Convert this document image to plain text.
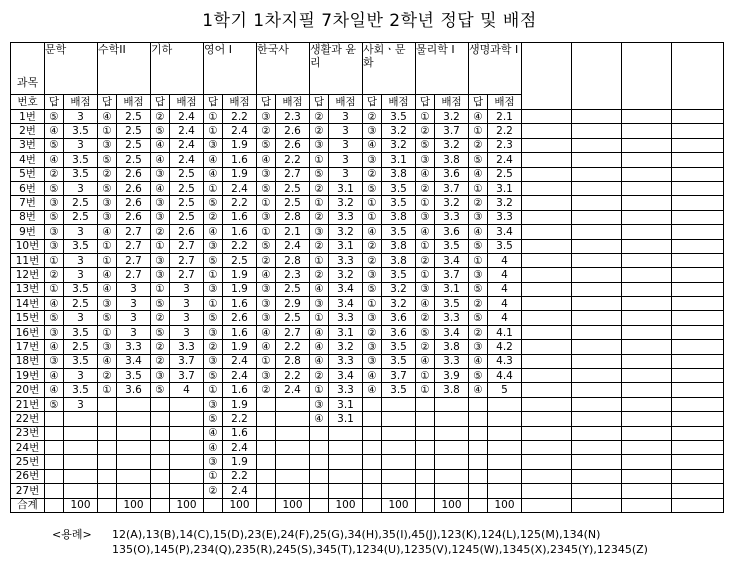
1학기 1차지필 7차일반 2학년 정답 및 배점
과목	문학		수학II		기하		영어 I		한국사		생활과 윤리		사회ㆍ문화		물리학 I		생명과학 I					
번호	답	배점	답	배점	답	배점	답	배점	답	배점	답	배점	답	배점	답	배점	답	배점				
1번	⑤	3	④	2.5	②	2.4	①	2.2	③	2.3	②	3	②	3.5	①	3.2	④	2.1				
2번	④	3.5	①	2.5	⑤	2.4	①	2.4	②	2.6	②	3	③	3.2	②	3.7	①	2.2				
3번	⑤	3	③	2.5	④	2.4	③	1.9	⑤	2.6	③	3	④	3.2	⑤	3.2	②	2.3				
4번	④	3.5	⑤	2.5	④	2.4	④	1.6	④	2.2	①	3	③	3.1	③	3.8	⑤	2.4				
5번	②	3.5	②	2.6	③	2.5	④	1.9	③	2.7	⑤	3	②	3.8	④	3.6	④	2.5				
6번	⑤	3	⑤	2.6	④	2.5	①	2.4	⑤	2.5	②	3.1	⑤	3.5	②	3.7	①	3.1				
7번	③	2.5	③	2.6	③	2.5	⑤	2.2	①	2.5	①	3.2	①	3.5	①	3.2	②	3.2				
8번	⑤	2.5	③	2.6	③	2.5	②	1.6	③	2.8	②	3.3	①	3.8	③	3.3	③	3.3				
9번	③	3	④	2.7	②	2.6	④	1.6	①	2.1	③	3.2	④	3.5	④	3.6	④	3.4				
10번	③	3.5	①	2.7	①	2.7	③	2.2	⑤	2.4	②	3.1	②	3.8	①	3.5	⑤	3.5				
11번	①	3	①	2.7	③	2.7	⑤	2.5	②	2.8	①	3.3	②	3.8	②	3.4	①	4				
12번	②	3	④	2.7	③	2.7	①	1.9	④	2.3	②	3.2	③	3.5	①	3.7	③	4				
13번	①	3.5	④	3	①	3	③	1.9	③	2.5	④	3.4	⑤	3.2	③	3.1	⑤	4				
14번	④	2.5	③	3	⑤	3	①	1.6	③	2.9	③	3.4	①	3.2	④	3.5	②	4				
15번	⑤	3	⑤	3	②	3	⑤	2.6	③	2.5	①	3.3	③	3.6	②	3.3	⑤	4				
16번	③	3.5	①	3	⑤	3	③	1.6	④	2.7	④	3.1	②	3.6	⑤	3.4	②	4.1				
17번	④	2.5	③	3.3	②	3.3	②	1.9	④	2.2	④	3.2	③	3.5	②	3.8	③	4.2				
18번	③	3.5	④	3.4	②	3.7	③	2.4	①	2.8	④	3.3	③	3.5	④	3.3	④	4.3				
19번	④	3	②	3.5	③	3.7	⑤	2.4	③	2.2	②	3.4	④	3.7	①	3.9	⑤	4.4				
20번	④	3.5	①	3.6	⑤	4	①	1.6	②	2.4	①	3.3	④	3.5	①	3.8	④	5				
21번	⑤	3					③	1.9			③	3.1										
22번							⑤	2.2			④	3.1										
23번							④	1.6														
24번							④	2.4														
25번							③	1.9														
26번							①	2.2														
27번							②	2.4														
合계		100		100		100		100		100		100		100		100		100				
<용례> 12(A),13(B),14(C),15(D),23(E),24(F),25(G),34(H),35(I),45(J),123(K),124(L),125(M),134(N)
135(O),145(P),234(Q),235(R),245(S),345(T),1234(U),1235(V),1245(W),1345(X),2345(Y),12345(Z)
